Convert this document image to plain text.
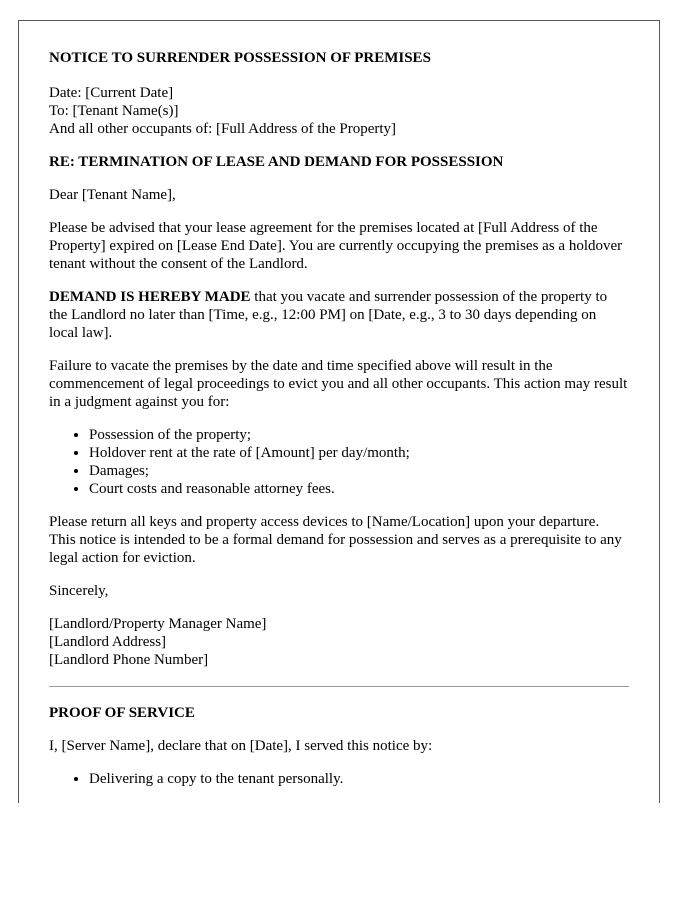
NOTICE TO SURRENDER POSSESSION OF PREMISES

Date: [Current Date]
To: [Tenant Name(s)]
And all other occupants of: [Full Address of the Property]

RE: TERMINATION OF LEASE AND DEMAND FOR POSSESSION

Dear [Tenant Name],

Please be advised that your lease agreement for the premises located at [Full Address of the Property] expired on [Lease End Date]. You are currently occupying the premises as a holdover tenant without the consent of the Landlord.

DEMAND IS HEREBY MADE that you vacate and surrender possession of the property to the Landlord no later than [Time, e.g., 12:00 PM] on [Date, e.g., 3 to 30 days depending on local law].

Failure to vacate the premises by the date and time specified above will result in the commencement of legal proceedings to evict you and all other occupants. This action may result in a judgment against you for:

• Possession of the property;
• Holdover rent at the rate of [Amount] per day/month;
• Damages;
• Court costs and reasonable attorney fees.

Please return all keys and property access devices to [Name/Location] upon your departure. This notice is intended to be a formal demand for possession and serves as a prerequisite to any legal action for eviction.

Sincerely,

[Landlord/Property Manager Name]
[Landlord Address]
[Landlord Phone Number]

PROOF OF SERVICE

I, [Server Name], declare that on [Date], I served this notice by:

• Delivering a copy to the tenant personally.
